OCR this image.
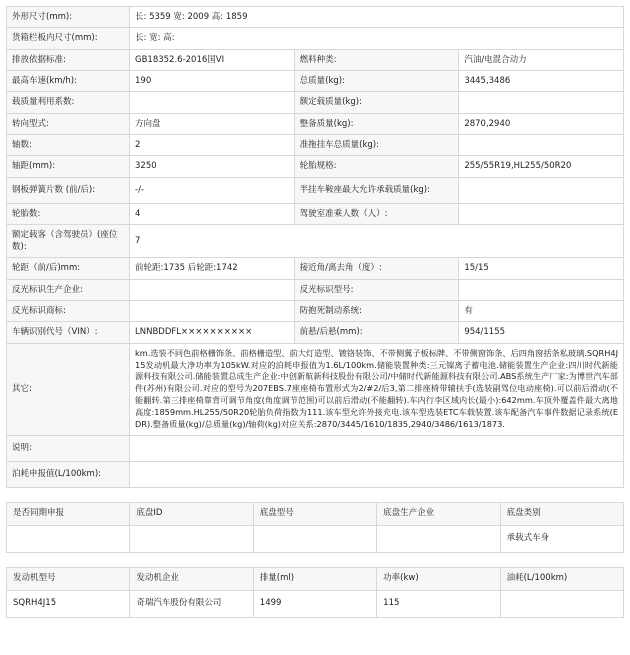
外形尺寸(mm):	长: 5359 宽: 2009 高: 1859		
货箱栏板内尺寸(mm):	长: 宽: 高:		
排放依据标准:	GB18352.6-2016国VI	燃料种类:	汽油/电混合动力
最高车速(km/h):	190	总质量(kg):	3445,3486
载质量利用系数:		额定载质量(kg):	
转向型式:	方向盘	整备质量(kg):	2870,2940
轴数:	2	准拖挂车总质量(kg):	
轴距(mm):	3250	轮胎规格:	255/55R19,HL255/50R20
钢板弹簧片数 (前/后):	-/-	半挂车鞍座最大允许承载质量(kg):	
轮胎数:	4	驾驶室准乘人数（人）:	
额定载客（含驾驶员）(座位数):	7		
轮距（前/后)mm:	前轮距:1735 后轮距:1742	接近角/离去角（度）:	15/15
反光标识生产企业:		反光标识型号:	
反光标识商标:		防抱死制动系统:	有
车辆识别代号（VIN）:	LNNBDDFL××××××××××	前悬/后悬(mm):	954/1155
其它:	km.选装不同色前格栅饰条、前格栅造型、前大灯造型、镀铬装饰、不带侧翼子板标牌、不带侧窗饰条、后四角窗括条私玻璃.SQRH4J15发动机最大净功率为105kW.对应的泊耗申报值为1.6L/100km.储能装置种类:三元镍离子蓄电池.储能装置生产企业:四川时代新能源科技有限公司.储能装置总成生产企业:中创新航新科技股份有限公司/中储时代新能源科技有限公司.ABS系统生产厂家:为博世汽车部件(苏州)有限公司.对应的型号为207EBS.7座座椅布置形式为2/#2/后3,第二排座椅带辅扶手(选装副驾位电动座椅).可以前后滑动(不能翻转.第三排座椅靠背可调节角度(角度调节范围)可以前后滑动(不能翻转).车内行李区域内长(最小):642mm.车顶外覆盖件最大离地高度:1859mm.HL255/50R20轮胎负荷指数为111.该车型允许外接充电.该车型选装ETC车载装置.该车配备汽车事件数据记录系统(EDR).整备质量(kg)/总质量(kg)/轴荷(kg)对应关系:2870/3445/1610/1835,2940/3486/1613/1873.		
说明:			
泊耗申报值(L/100km):			
是否同期申报	底盘ID	底盘型号	底盘生产企业	底盘类别
				承载式车身
发动机型号	发动机企业	排量(ml)	功率(kw)	油耗(L/100km)
SQRH4J15	奇瑞汽车股份有限公司	1499	115	
